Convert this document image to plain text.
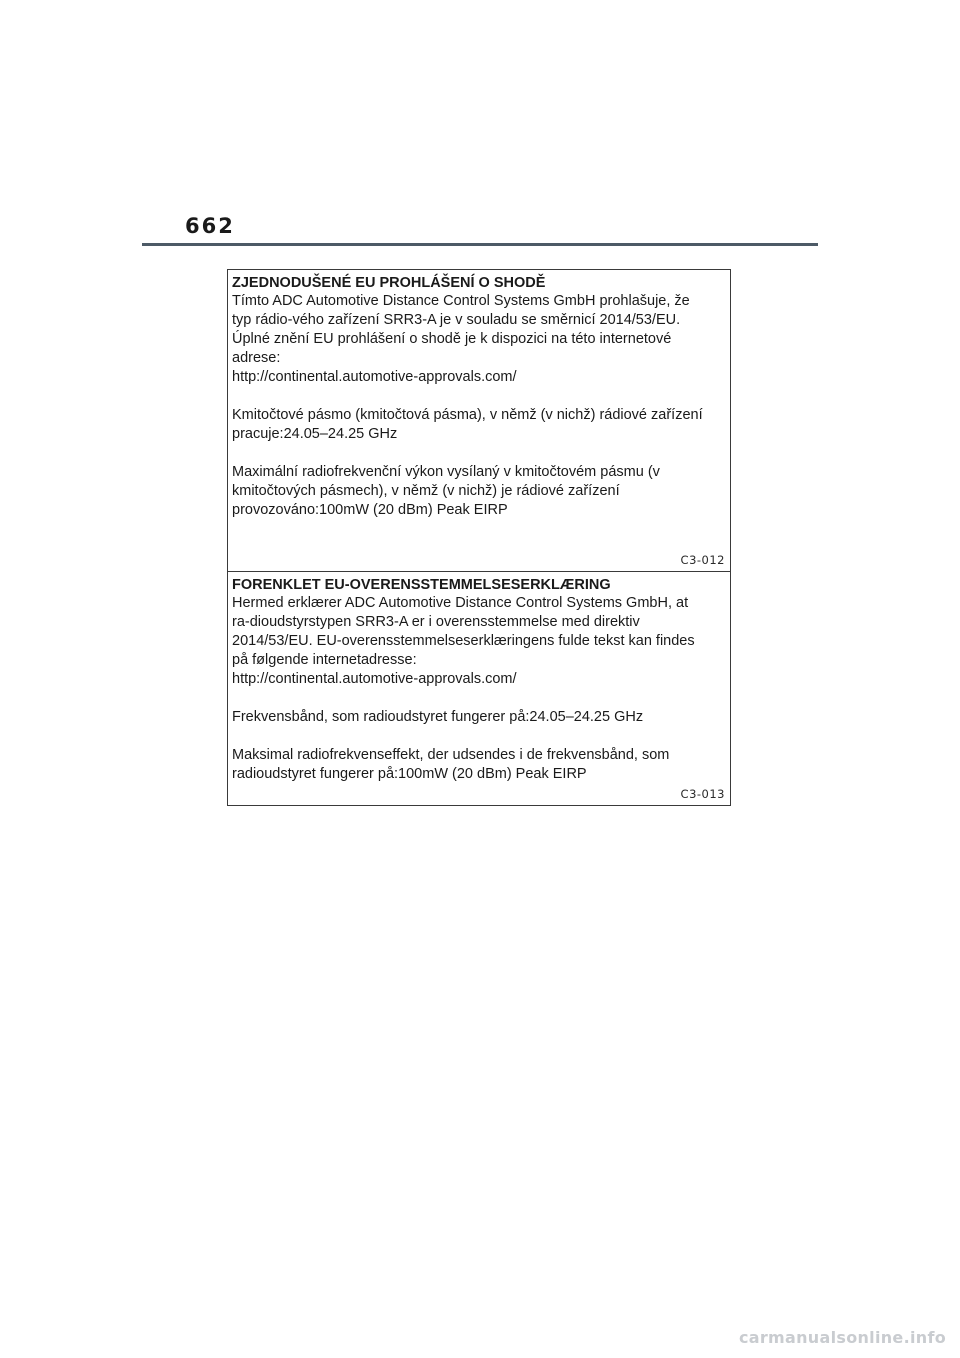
662

ZJEDNODUŠENÉ EU PROHLÁŠENÍ O SHODĚ

Tímto ADC Automotive Distance Control Systems GmbH prohlašuje, že

typ rádio-vého zařízení SRR3-A je v souladu se směrnicí 2014/53/EU.

Úplné znění EU prohlášení o shodě je k dispozici na této internetové

adrese:

http://continental.automotive-approvals.com/

Kmitočtové pásmo (kmitočtová pásma), v němž (v nichž) rádiové zařízení

pracuje:24.05–24.25 GHz

Maximální radiofrekvenční výkon vysílaný v kmitočtovém pásmu (v

kmitočtových pásmech), v němž (v nichž) je rádiové zařízení

provozováno:100mW (20 dBm) Peak EIRP

C3-012

FORENKLET EU-OVERENSSTEMMELSESERKLÆRING

Hermed erklærer ADC Automotive Distance Control Systems GmbH, at

ra-dioudstyrstypen SRR3-A er i overensstemmelse med direktiv

2014/53/EU. EU-overensstemmelseserklæringens fulde tekst kan findes

på følgende internetadresse:

http://continental.automotive-approvals.com/

Frekvensbånd, som radioudstyret fungerer på:24.05–24.25 GHz

Maksimal radiofrekvenseffekt, der udsendes i de frekvensbånd, som

radioudstyret fungerer på:100mW (20 dBm) Peak EIRP

C3-013
carmanualsonline.info
